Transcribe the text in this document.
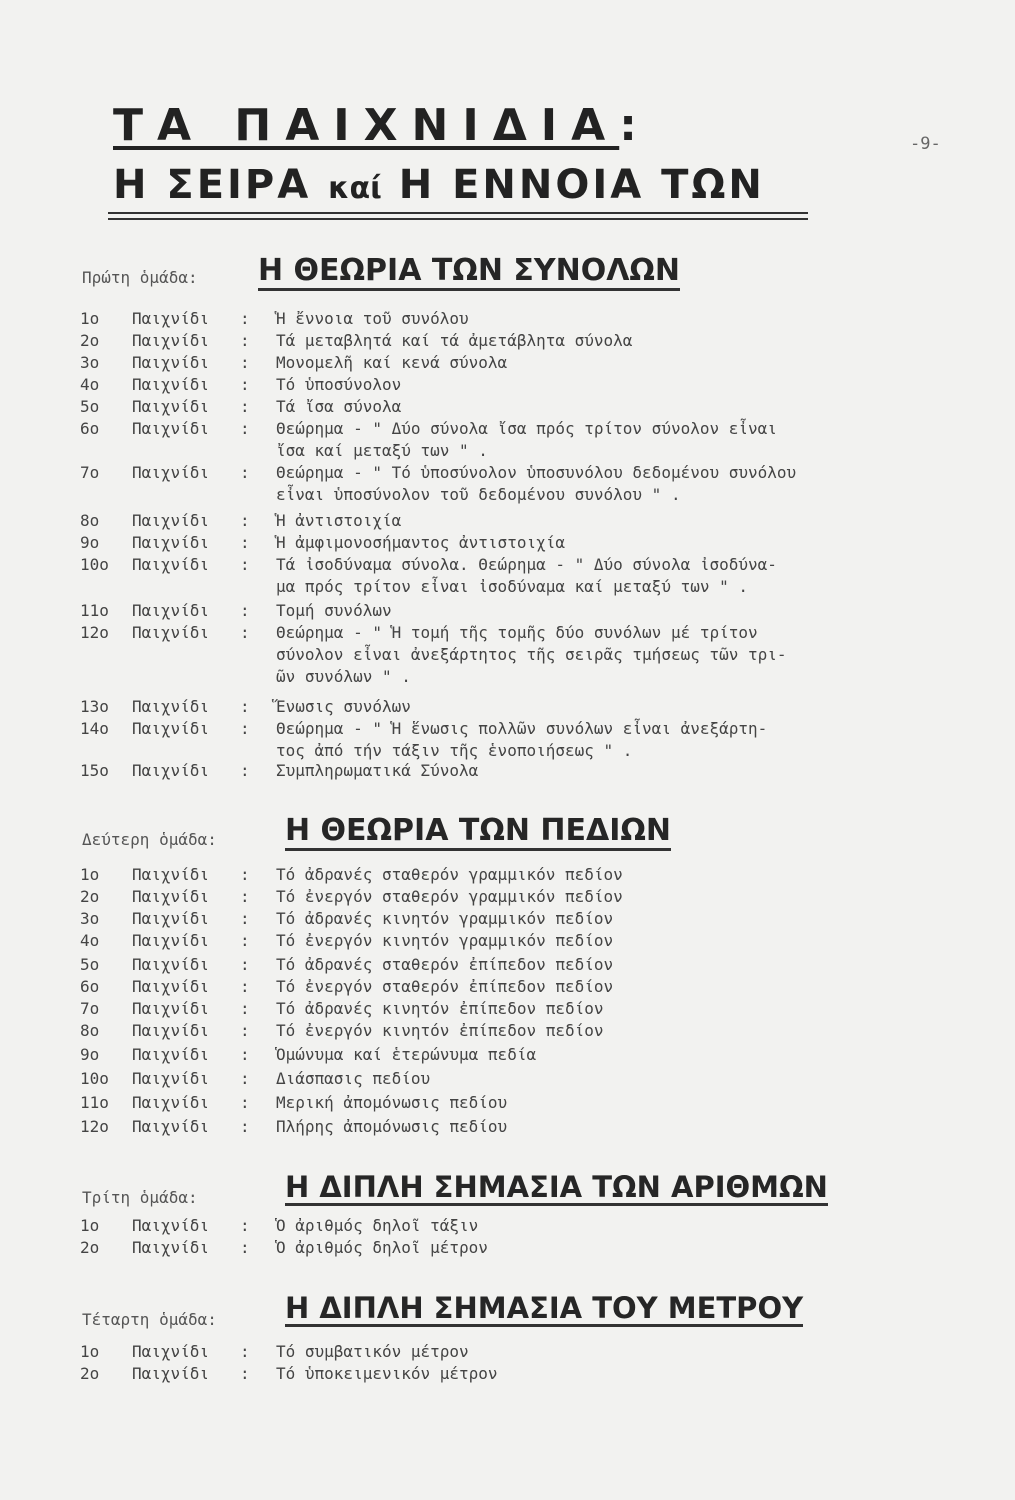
ΤΑ ΠΑΙΧΝΙΔΙΑ:	-9-
Η ΣΕΙΡΑ καί Η ΕΝΝΟΙΑ ΤΩΝ
Πρώτη ὁμάδα: Η ΘΕΩΡΙΑ ΤΩΝ ΣΥΝΟΛΩΝ
1ο Παιχνίδι : Ἡ ἔννοια τοῦ συνόλου
2ο Παιχνίδι : Τά μεταβλητά καί τά ἀμετάβλητα σύνολα
3ο Παιχνίδι : Μονομελῆ καί κενά σύνολα
4ο Παιχνίδι : Τό ὑποσύνολον
5ο Παιχνίδι : Τά ἴσα σύνολα
6ο Παιχνίδι : Θεώρημα - " Δύο σύνολα ἴσα πρός τρίτον σύνολον εἶναι
ἴσα καί μεταξύ των " .
7ο Παιχνίδι : Θεώρημα - " Τό ὑποσύνολον ὑποσυνόλου δεδομένου συνόλου
εἶναι ὑποσύνολον τοῦ δεδομένου συνόλου " .
8ο Παιχνίδι : Ἡ ἀντιστοιχία
9ο Παιχνίδι : Ἡ ἀμφιμονοσήμαντος ἀντιστοιχία
10ο Παιχνίδι : Τά ἰσοδύναμα σύνολα. Θεώρημα - " Δύο σύνολα ἰσοδύνα-
μα πρός τρίτον εἶναι ἰσοδύναμα καί μεταξύ των " .
11ο Παιχνίδι : Τομή συνόλων
12ο Παιχνίδι : Θεώρημα - " Ἡ τομή τῆς τομῆς δύο συνόλων μέ τρίτον
σύνολον εἶναι ἀνεξάρτητος τῆς σειρᾶς τμήσεως τῶν τρι-
ῶν συνόλων " .
13ο Παιχνίδι : Ἕνωσις συνόλων
14ο Παιχνίδι : Θεώρημα - " Ἡ ἕνωσις πολλῶν συνόλων εἶναι ἀνεξάρτη-
τος ἀπό τήν τάξιν τῆς ἑνοποιήσεως " .
15ο Παιχνίδι : Συμπληρωματικά Σύνολα
Δεύτερη ὁμάδα: Η ΘΕΩΡΙΑ ΤΩΝ ΠΕΔΙΩΝ
1ο Παιχνίδι : Τό ἀδρανές σταθερόν γραμμικόν πεδίον
2ο Παιχνίδι : Τό ἐνεργόν σταθερόν γραμμικόν πεδίον
3ο Παιχνίδι : Τό ἀδρανές κινητόν γραμμικόν πεδίον
4ο Παιχνίδι : Τό ἐνεργόν κινητόν γραμμικόν πεδίον
5ο Παιχνίδι : Τό ἀδρανές σταθερόν ἐπίπεδον πεδίον
6ο Παιχνίδι : Τό ἐνεργόν σταθερόν ἐπίπεδον πεδίον
7ο Παιχνίδι : Τό ἀδρανές κινητόν ἐπίπεδον πεδίον
8ο Παιχνίδι : Τό ἐνεργόν κινητόν ἐπίπεδον πεδίον
9ο Παιχνίδι : Ὁμώνυμα καί ἑτερώνυμα πεδία
10ο Παιχνίδι : Διάσπασις πεδίου
11ο Παιχνίδι : Μερική ἀπομόνωσις πεδίου
12ο Παιχνίδι : Πλήρης ἀπομόνωσις πεδίου
Τρίτη ὁμάδα:	Η ΔΙΠΛΗ ΣΗΜΑΣΙΑ ΤΩΝ ΑΡΙΘΜΩΝ
1ο Παιχνίδι : Ὁ ἀριθμός δηλοῖ τάξιν
2ο Παιχνίδι : Ὁ ἀριθμός δηλοῖ μέτρον
Τέταρτη ὁμάδα: Η ΔΙΠΛΗ ΣΗΜΑΣΙΑ ΤΟΥ ΜΕΤΡΟΥ
1ο Παιχνίδι : Τό συμβατικόν μέτρον
2ο Παιχνίδι : Τό ὑποκειμενικόν μέτρον
